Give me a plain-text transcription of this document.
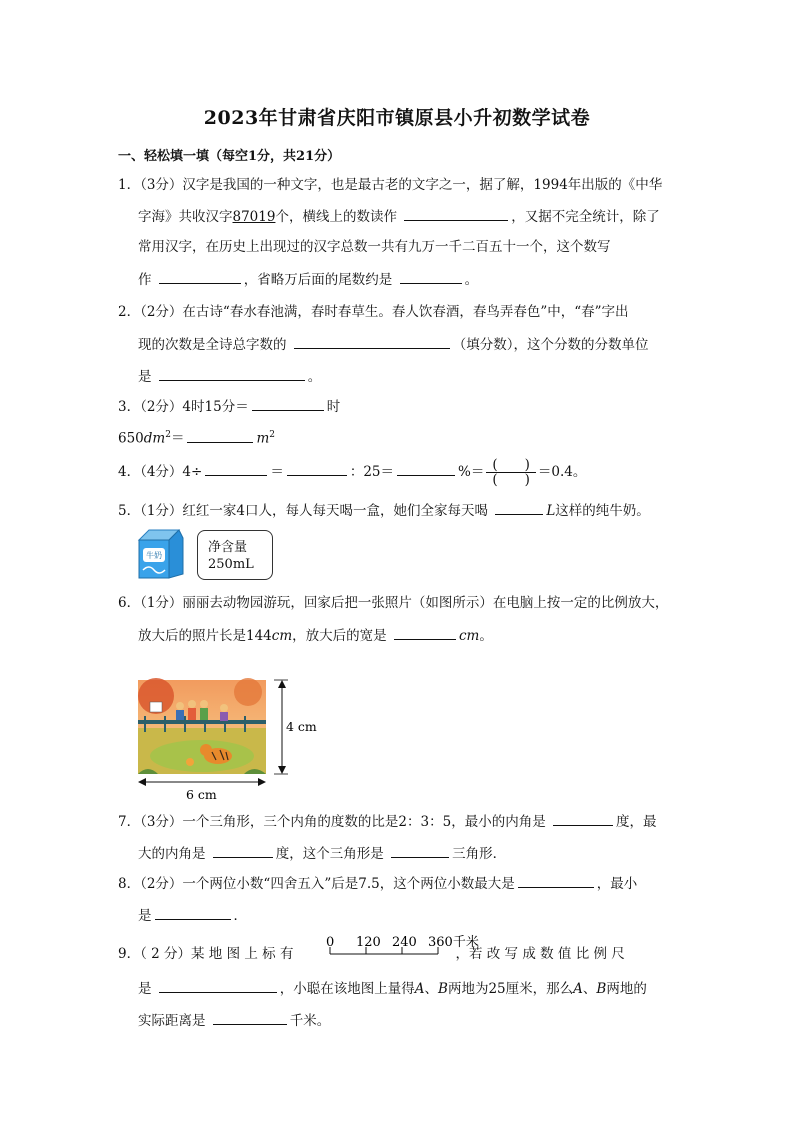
2023年甘肃省庆阳市镇原县小升初数学试卷
一、轻松填一填（每空1分，共21分）
1．（3分）汉字是我国的一种文字，也是最古老的文字之一，据了解，1994年出版的《中华
字海》共收汉字87019个，横线上的数读作	，又据不完全统计，除了
常用汉字，在历史上出现过的汉字总数一共有九万一千二百五十一个，这个数写
作	，省略万后面的尾数约是	。
2．（2分）在古诗“春水春池满，春时春草生。春人饮春酒，春鸟弄春色”中，“春”字出
现的次数是全诗总字数的	（填分数），这个分数的分数单位
是	。
3．（2分）4时15分＝	时
$650dm^2=$	$m^2$
4．（4分）4÷	＝	：25＝	%＝ $\frac{( )}{( )} =0.4$。
5．（1分）红红一家4口人，每人每天喝一盒，她们全家每天喝	L这样的纯牛奶。
牛奶
净含量
250mL
6．（1分）丽丽去动物园游玩，回家后把一张照片（如图所示）在电脑上按一定的比例放大，
放大后的照片长是144cm，放大后的宽是	cm。
4 cm
6 cm
7．（3分）一个三角形，三个内角的度数的比是2：3：5，最小的内角是	度，最
大的内角是	度，这个三角形是	三角形．
8．（2分）一个两位小数“四舍五入”后是7.5，这个两位小数最大是	，最小
是	．
9．（ 2 分）某 地 图 上 标 有	，若 改 写 成 数 值 比 例 尺
0 120 240 360千米
是	，小聪在该地图上量得A、B两地为25厘米，那么A、B两地的
实际距离是	千米。
